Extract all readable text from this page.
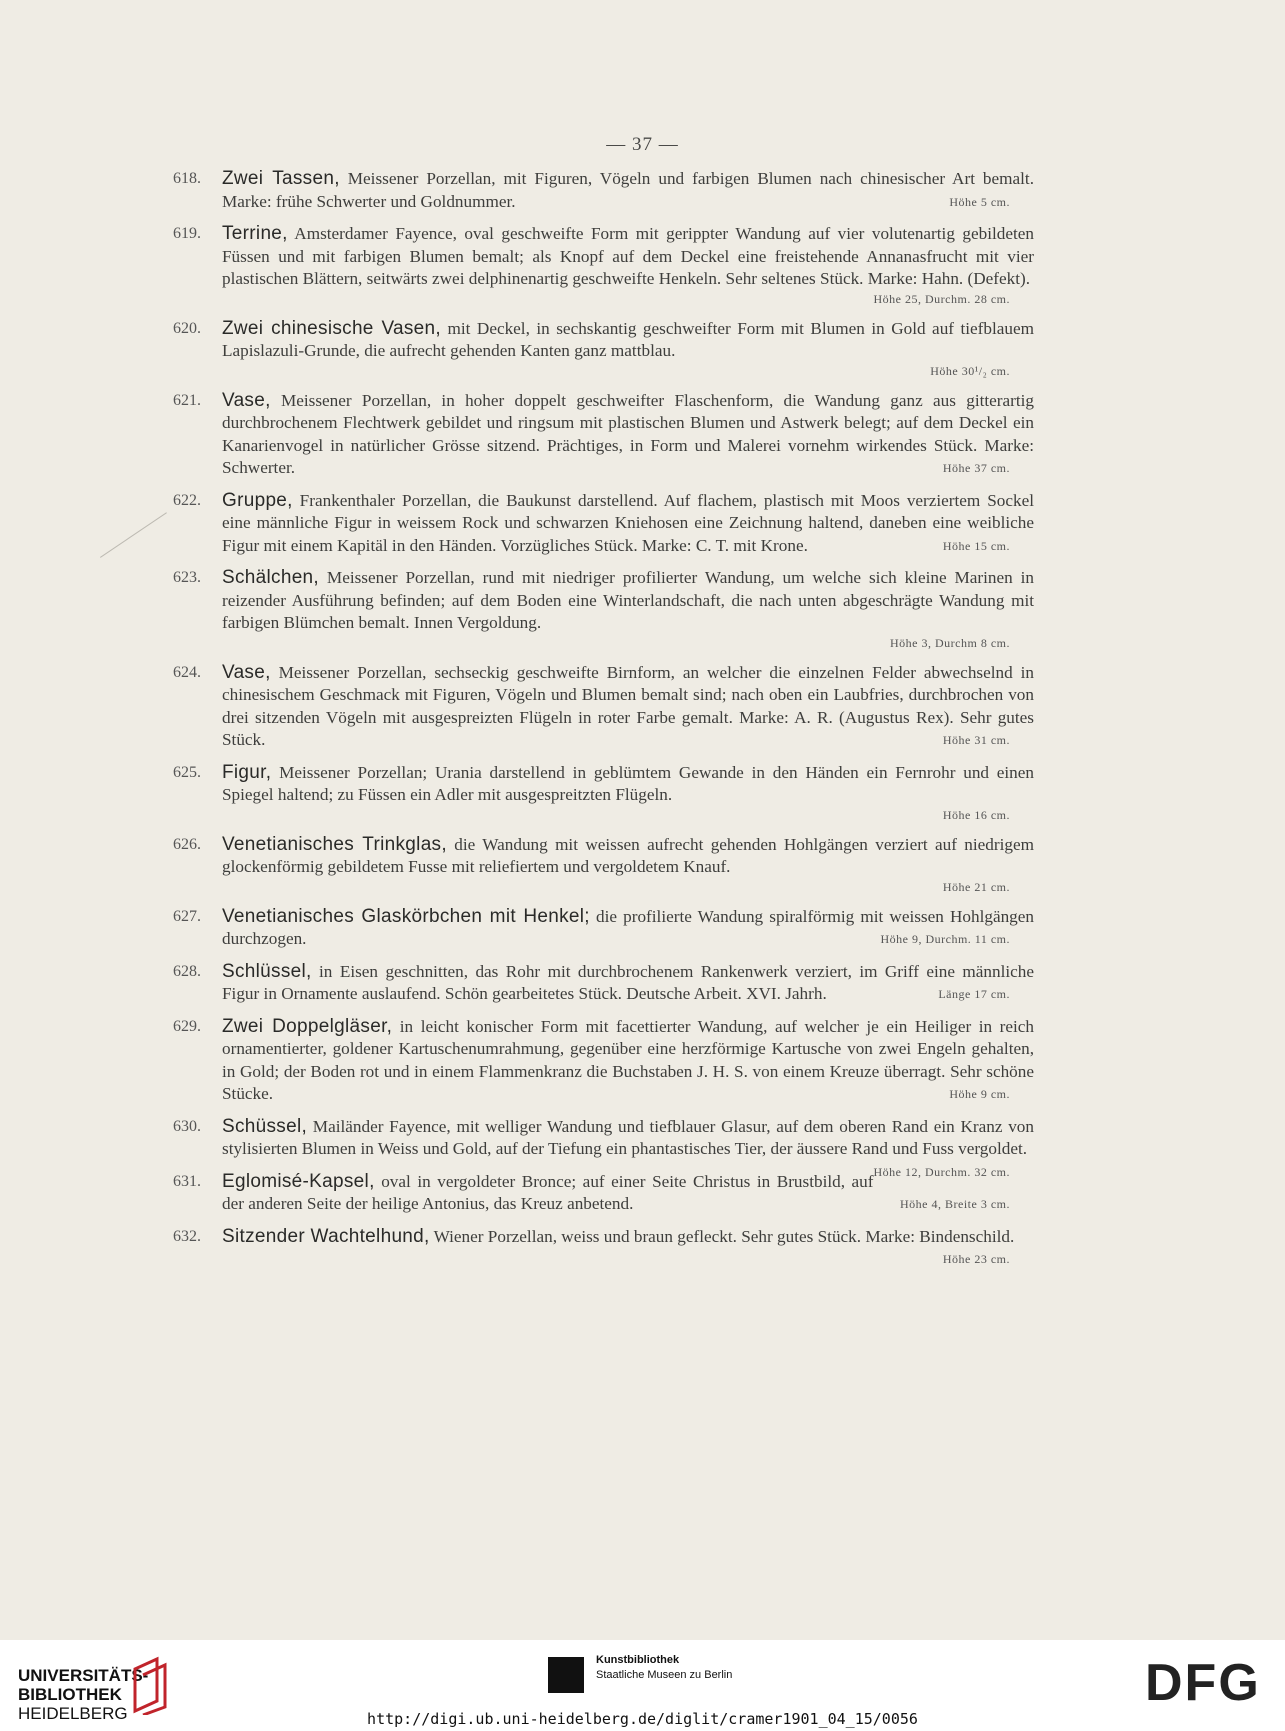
— 37 —
618. Zwei Tassen, Meissener Porzellan, mit Figuren, Vögeln und farbigen Blumen nach chinesischer Art bemalt. Marke: frühe Schwerter und Goldnummer.	Höhe 5 cm.
619. Terrine, Amsterdamer Fayence, oval geschweifte Form mit gerippter Wandung auf vier volutenartig gebildeten Füssen und mit farbigen Blumen bemalt; als Knopf auf dem Deckel eine freistehende Annanasfrucht mit vier plastischen Blättern, seitwärts zwei delphinenartig geschweifte Henkeln. Sehr seltenes Stück. Marke: Hahn. (Defekt).
Höhe 25, Durchm. 28 cm.
620. Zwei chinesische Vasen, mit Deckel, in sechskantig geschweifter Form mit Blumen in Gold auf tiefblauem Lapislazuli-Grunde, die aufrecht gehenden Kanten ganz mattblau.
Höhe 30¹/₂ cm.
621. Vase, Meissener Porzellan, in hoher doppelt geschweifter Flaschenform, die Wandung ganz aus gitterartig durchbrochenem Flechtwerk gebildet und ringsum mit plastischen Blumen und Astwerk belegt; auf dem Deckel ein Kanarienvogel in natürlicher Grösse sitzend. Prächtiges, in Form und Malerei vornehm wirkendes Stück. Marke: Schwerter.	Höhe 37 cm.
622. Gruppe, Frankenthaler Porzellan, die Baukunst darstellend. Auf flachem, plastisch mit Moos verziertem Sockel eine männliche Figur in weissem Rock und schwarzen Kniehosen eine Zeichnung haltend, daneben eine weibliche Figur mit einem Kapitäl in den Händen. Vorzügliches Stück. Marke: C. T. mit Krone.	Höhe 15 cm.
623. Schälchen, Meissener Porzellan, rund mit niedriger profilierter Wandung, um welche sich kleine Marinen in reizender Ausführung befinden; auf dem Boden eine Winterlandschaft, die nach unten abgeschrägte Wandung mit farbigen Blümchen bemalt. Innen Vergoldung.
Höhe 3, Durchm 8 cm.
624. Vase, Meissener Porzellan, sechseckig geschweifte Birnform, an welcher die einzelnen Felder abwechselnd in chinesischem Geschmack mit Figuren, Vögeln und Blumen bemalt sind; nach oben ein Laubfries, durchbrochen von drei sitzenden Vögeln mit ausgespreizten Flügeln in roter Farbe gemalt. Marke: A. R. (Augustus Rex). Sehr gutes Stück.	Höhe 31 cm.
625. Figur, Meissener Porzellan; Urania darstellend in geblümtem Gewande in den Händen ein Fernrohr und einen Spiegel haltend; zu Füssen ein Adler mit ausgespreitzten Flügeln.
Höhe 16 cm.
626. Venetianisches Trinkglas, die Wandung mit weissen aufrecht gehenden Hohlgängen verziert auf niedrigem glockenförmig gebildetem Fusse mit reliefiertem und vergoldetem Knauf.
Höhe 21 cm.
627. Venetianisches Glaskörbchen mit Henkel; die profilierte Wandung spiralförmig mit weissen Hohlgängen durchzogen.	Höhe 9, Durchm. 11 cm.
628. Schlüssel, in Eisen geschnitten, das Rohr mit durchbrochenem Rankenwerk verziert, im Griff eine männliche Figur in Ornamente auslaufend. Schön gearbeitetes Stück. Deutsche Arbeit. XVI. Jahrh.	Länge 17 cm.
629. Zwei Doppelgläser, in leicht konischer Form mit facettierter Wandung, auf welcher je ein Heiliger in reich ornamentierter, goldener Kartuschenumrahmung, gegenüber eine herzförmige Kartusche von zwei Engeln gehalten, in Gold; der Boden rot und in einem Flammenkranz die Buchstaben J. H. S. von einem Kreuze überragt. Sehr schöne Stücke.	Höhe 9 cm.
630. Schüssel, Mailänder Fayence, mit welliger Wandung und tiefblauer Glasur, auf dem oberen Rand ein Kranz von stylisierten Blumen in Weiss und Gold, auf der Tiefung ein phantastisches Tier, der äussere Rand und Fuss vergoldet.
Höhe 12, Durchm. 32 cm.
631. Eglomisé-Kapsel, oval in vergoldeter Bronce; auf einer Seite Christus in Brustbild, auf der anderen Seite der heilige Antonius, das Kreuz anbetend.	Höhe 4, Breite 3 cm.
632. Sitzender Wachtelhund, Wiener Porzellan, weiss und braun gefleckt. Sehr gutes Stück. Marke: Bindenschild.
Höhe 23 cm.
UNIVERSITÄTS-
BIBLIOTHEK
HEIDELBERG
Kunstbibliothek
Staatliche Museen zu Berlin	DFG
http://digi.ub.uni-heidelberg.de/diglit/cramer1901_04_15/0056
